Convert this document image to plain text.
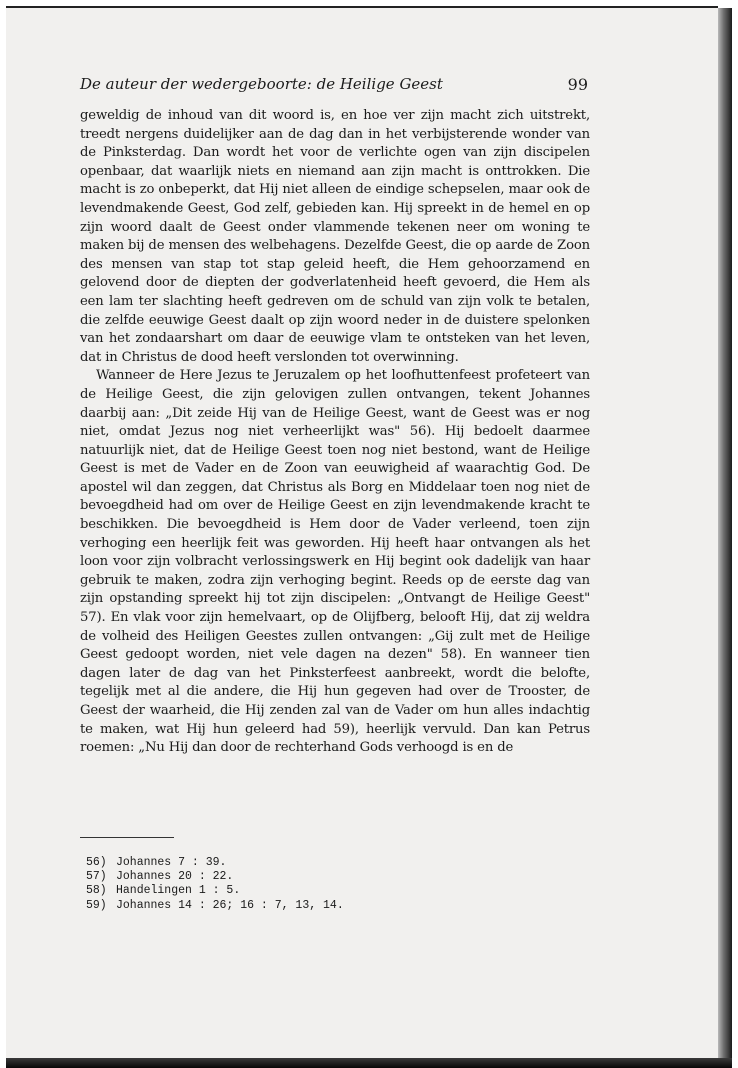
De auteur der wedergeboorte: de Heilige Geest	99

geweldig de inhoud van dit woord is, en hoe ver zijn macht zich uitstrekt, treedt nergens duidelijker aan de dag dan in het verbijsterende wonder van de Pinksterdag. Dan wordt het voor de verlichte ogen van zijn discipelen openbaar, dat waarlijk niets en niemand aan zijn macht is onttrokken. Die macht is zo onbeperkt, dat Hij niet alleen de eindige schepselen, maar ook de levendmakende Geest, God zelf, gebieden kan. Hij spreekt in de hemel en op zijn woord daalt de Geest onder vlammende tekenen neer om woning te maken bij de mensen des welbehagens. Dezelfde Geest, die op aarde de Zoon des mensen van stap tot stap geleid heeft, die Hem gehoorzamend en gelovend door de diepten der godverlatenheid heeft gevoerd, die Hem als een lam ter slachting heeft gedreven om de schuld van zijn volk te betalen, die zelfde eeuwige Geest daalt op zijn woord neder in de duistere spelonken van het zondaarshart om daar de eeuwige vlam te ontsteken van het leven, dat in Christus de dood heeft verslonden tot overwinning.

Wanneer de Here Jezus te Jeruzalem op het loofhuttenfeest profeteert van de Heilige Geest, die zijn gelovigen zullen ontvangen, tekent Johannes daarbij aan: „Dit zeide Hij van de Heilige Geest, want de Geest was er nog niet, omdat Jezus nog niet verheerlijkt was" 56). Hij bedoelt daarmee natuurlijk niet, dat de Heilige Geest toen nog niet bestond, want de Heilige Geest is met de Vader en de Zoon van eeuwigheid af waarachtig God. De apostel wil dan zeggen, dat Christus als Borg en Middelaar toen nog niet de bevoegdheid had om over de Heilige Geest en zijn levendmakende kracht te beschikken. Die bevoegdheid is Hem door de Vader verleend, toen zijn verhoging een heerlijk feit was geworden. Hij heeft haar ontvangen als het loon voor zijn volbracht verlossingswerk en Hij begint ook dadelijk van haar gebruik te maken, zodra zijn verhoging begint. Reeds op de eerste dag van zijn opstanding spreekt hij tot zijn discipelen: „Ontvangt de Heilige Geest" 57). En vlak voor zijn hemelvaart, op de Olijfberg, belooft Hij, dat zij weldra de volheid des Heiligen Geestes zullen ontvangen: „Gij zult met de Heilige Geest gedoopt worden, niet vele dagen na dezen" 58). En wanneer tien dagen later de dag van het Pinksterfeest aanbreekt, wordt die belofte, tegelijk met al die andere, die Hij hun gegeven had over de Trooster, de Geest der waarheid, die Hij zenden zal van de Vader om hun alles indachtig te maken, wat Hij hun geleerd had 59), heerlijk vervuld. Dan kan Petrus roemen: „Nu Hij dan door de rechterhand Gods verhoogd is en de

56) Johannes 7 : 39.
57) Johannes 20 : 22.
58) Handelingen 1 : 5.
59) Johannes 14 : 26; 16 : 7, 13, 14.
